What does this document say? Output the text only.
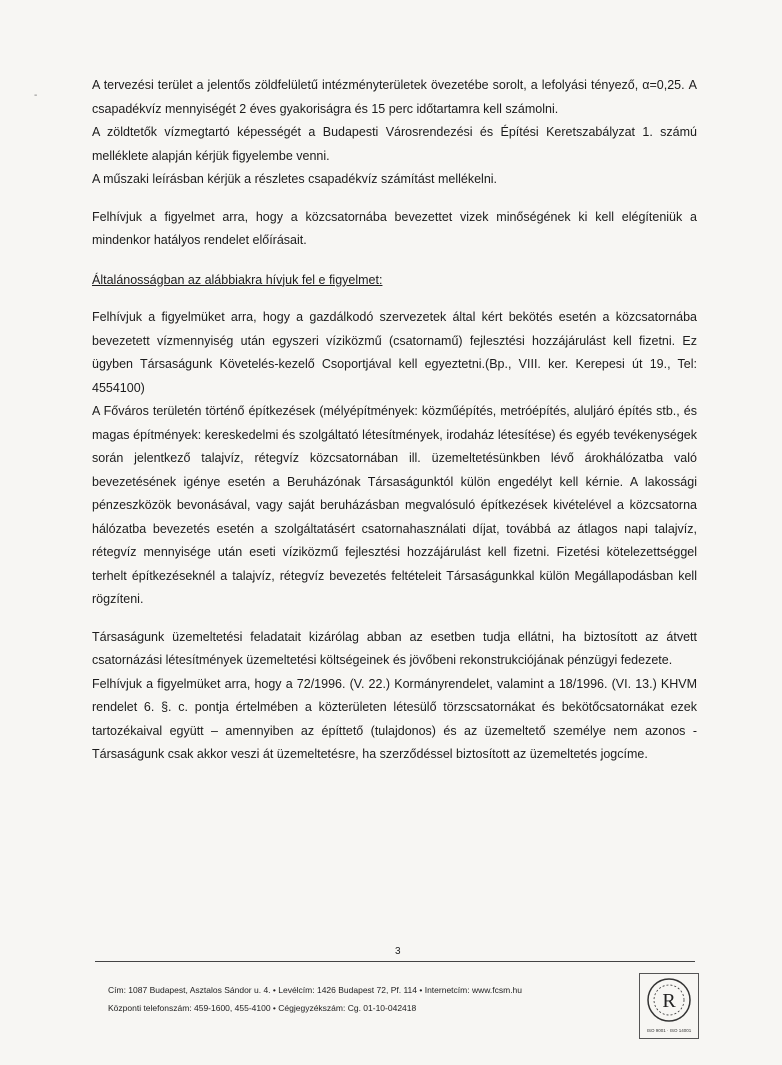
-

A tervezési terület a jelentős zöldfelületű intézményterületek övezetébe sorolt, a lefolyási tényező, α=0,25. A csapadékvíz mennyiségét 2 éves gyakoriságra és 15 perc időtartamra kell számolni.

A zöldtetők vízmegtartó képességét a Budapesti Városrendezési és Építési Keretszabályzat 1. számú melléklete alapján kérjük figyelembe venni.

A műszaki leírásban kérjük a részletes csapadékvíz számítást mellékelni.

Felhívjuk a figyelmet arra, hogy a közcsatornába bevezettet vizek minőségének ki kell elégíteniük a mindenkor hatályos rendelet előírásait.

Általánosságban az alábbiakra hívjuk fel e figyelmet:

Felhívjuk a figyelmüket arra, hogy a gazdálkodó szervezetek által kért bekötés esetén a közcsatornába bevezetett vízmennyiség után egyszeri víziközmű (csatornamű) fejlesztési hozzájárulást kell fizetni. Ez ügyben Társaságunk Követelés-kezelő Csoportjával kell egyeztetni.(Bp., VIII. ker. Kerepesi út 19., Tel: 4554100)

A Főváros területén történő építkezések (mélyépítmények: közműépítés, metróépítés, aluljáró építés stb., és magas építmények: kereskedelmi és szolgáltató létesítmények, irodaház létesítése) és egyéb tevékenységek során jelentkező talajvíz, rétegvíz közcsatornában ill. üzemeltetésünkben lévő árokhálózatba való bevezetésének igénye esetén a Beruházónak Társaságunktól külön engedélyt kell kérnie. A lakossági pénzeszközök bevonásával, vagy saját beruházásban megvalósuló építkezések kivételével a közcsatorna hálózatba bevezetés esetén a szolgáltatásért csatornahasználati díjat, továbbá az átlagos napi talajvíz, rétegvíz mennyisége után eseti víziközmű fejlesztési hozzájárulást kell fizetni. Fizetési kötelezettséggel terhelt építkezéseknél a talajvíz, rétegvíz bevezetés feltételeit Társaságunkkal külön Megállapodásban kell rögzíteni.

Társaságunk üzemeltetési feladatait kizárólag abban az esetben tudja ellátni, ha biztosított az átvett csatornázási létesítmények üzemeltetési költségeinek és jövőbeni rekonstrukciójának pénzügyi fedezete.

Felhívjuk a figyelmüket arra, hogy a 72/1996. (V. 22.) Kormányrendelet, valamint a 18/1996. (VI. 13.) KHVM rendelet 6. §. c. pontja értelmében a közterületen létesülő törzscsatornákat és bekötőcsatornákat ezek tartozékaival együtt – amennyiben az építtető (tulajdonos) és az üzemeltető személye nem azonos - Társaságunk csak akkor veszi át üzemeltetésre, ha szerződéssel biztosított az üzemeltetés jogcíme.

3
Cím: 1087 Budapest, Asztalos Sándor u. 4. • Levélcím: 1426 Budapest 72, Pf. 114 • Internetcím: www.fcsm.hu
Központi telefonszám: 459-1600, 455-4100 • Cégjegyzékszám: Cg. 01-10-042418	R
ISO 9001 · ISO 14001
